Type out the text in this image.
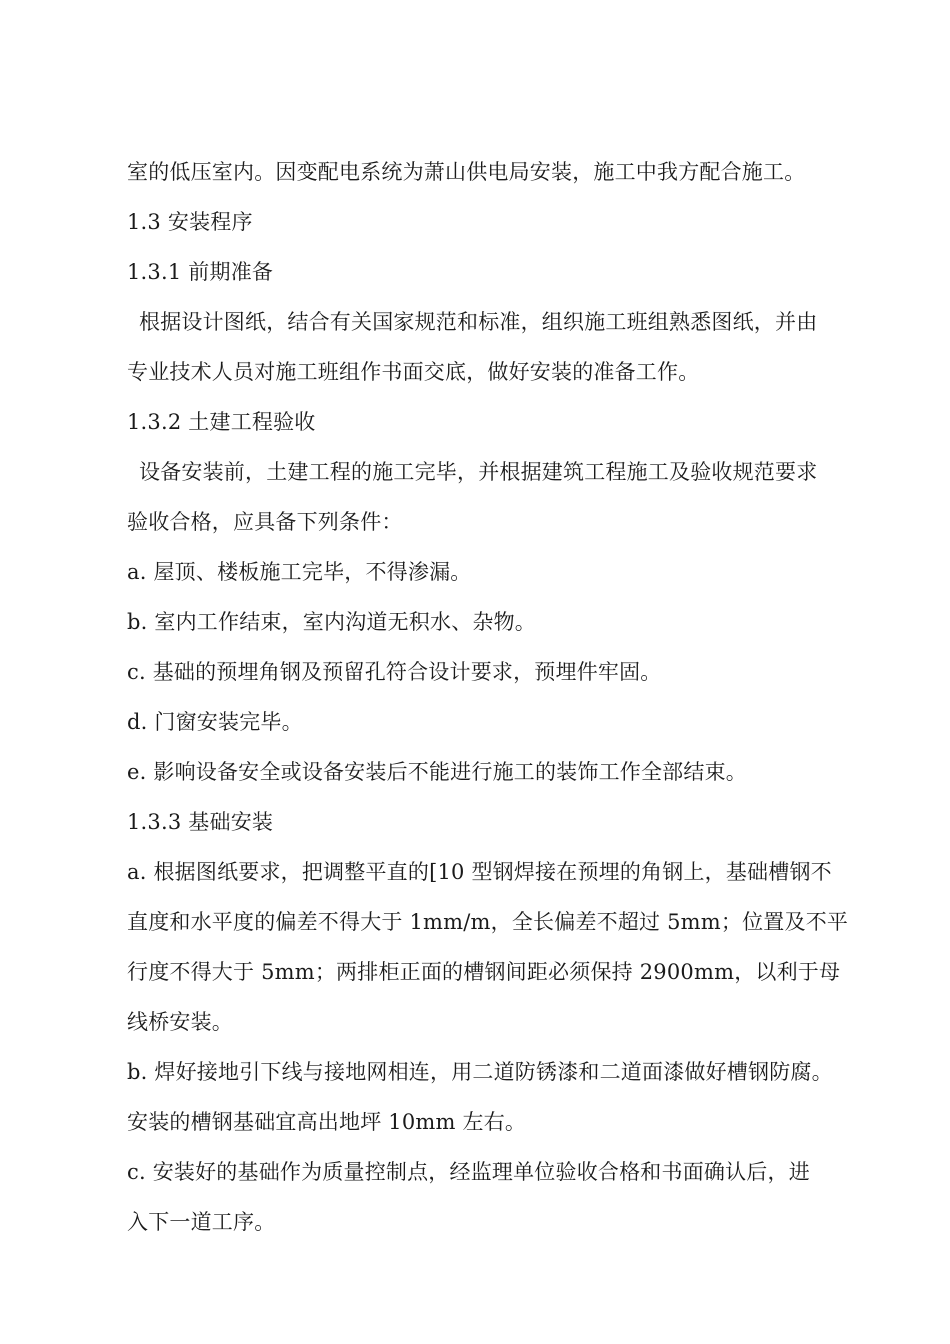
室的低压室内。因变配电系统为萧山供电局安装，施工中我方配合施工。
1.3 安装程序
1.3.1 前期准备
根据设计图纸，结合有关国家规范和标准，组织施工班组熟悉图纸，并由
专业技术人员对施工班组作书面交底，做好安装的准备工作。
1.3.2 土建工程验收
设备安装前，土建工程的施工完毕，并根据建筑工程施工及验收规范要求
验收合格，应具备下列条件：
a. 屋顶、楼板施工完毕，不得渗漏。
b. 室内工作结束，室内沟道无积水、杂物。
c. 基础的预埋角钢及预留孔符合设计要求，预埋件牢固。
d. 门窗安装完毕。
e. 影响设备安全或设备安装后不能进行施工的装饰工作全部结束。
1.3.3 基础安装
a. 根据图纸要求，把调整平直的[10 型钢焊接在预埋的角钢上，基础槽钢不
直度和水平度的偏差不得大于 1mm/m，全长偏差不超过 5mm；位置及不平
行度不得大于 5mm；两排柜正面的槽钢间距必须保持 2900mm，以利于母
线桥安装。
b. 焊好接地引下线与接地网相连，用二道防锈漆和二道面漆做好槽钢防腐。
安装的槽钢基础宜高出地坪 10mm 左右。
c. 安装好的基础作为质量控制点，经监理单位验收合格和书面确认后，进
入下一道工序。
